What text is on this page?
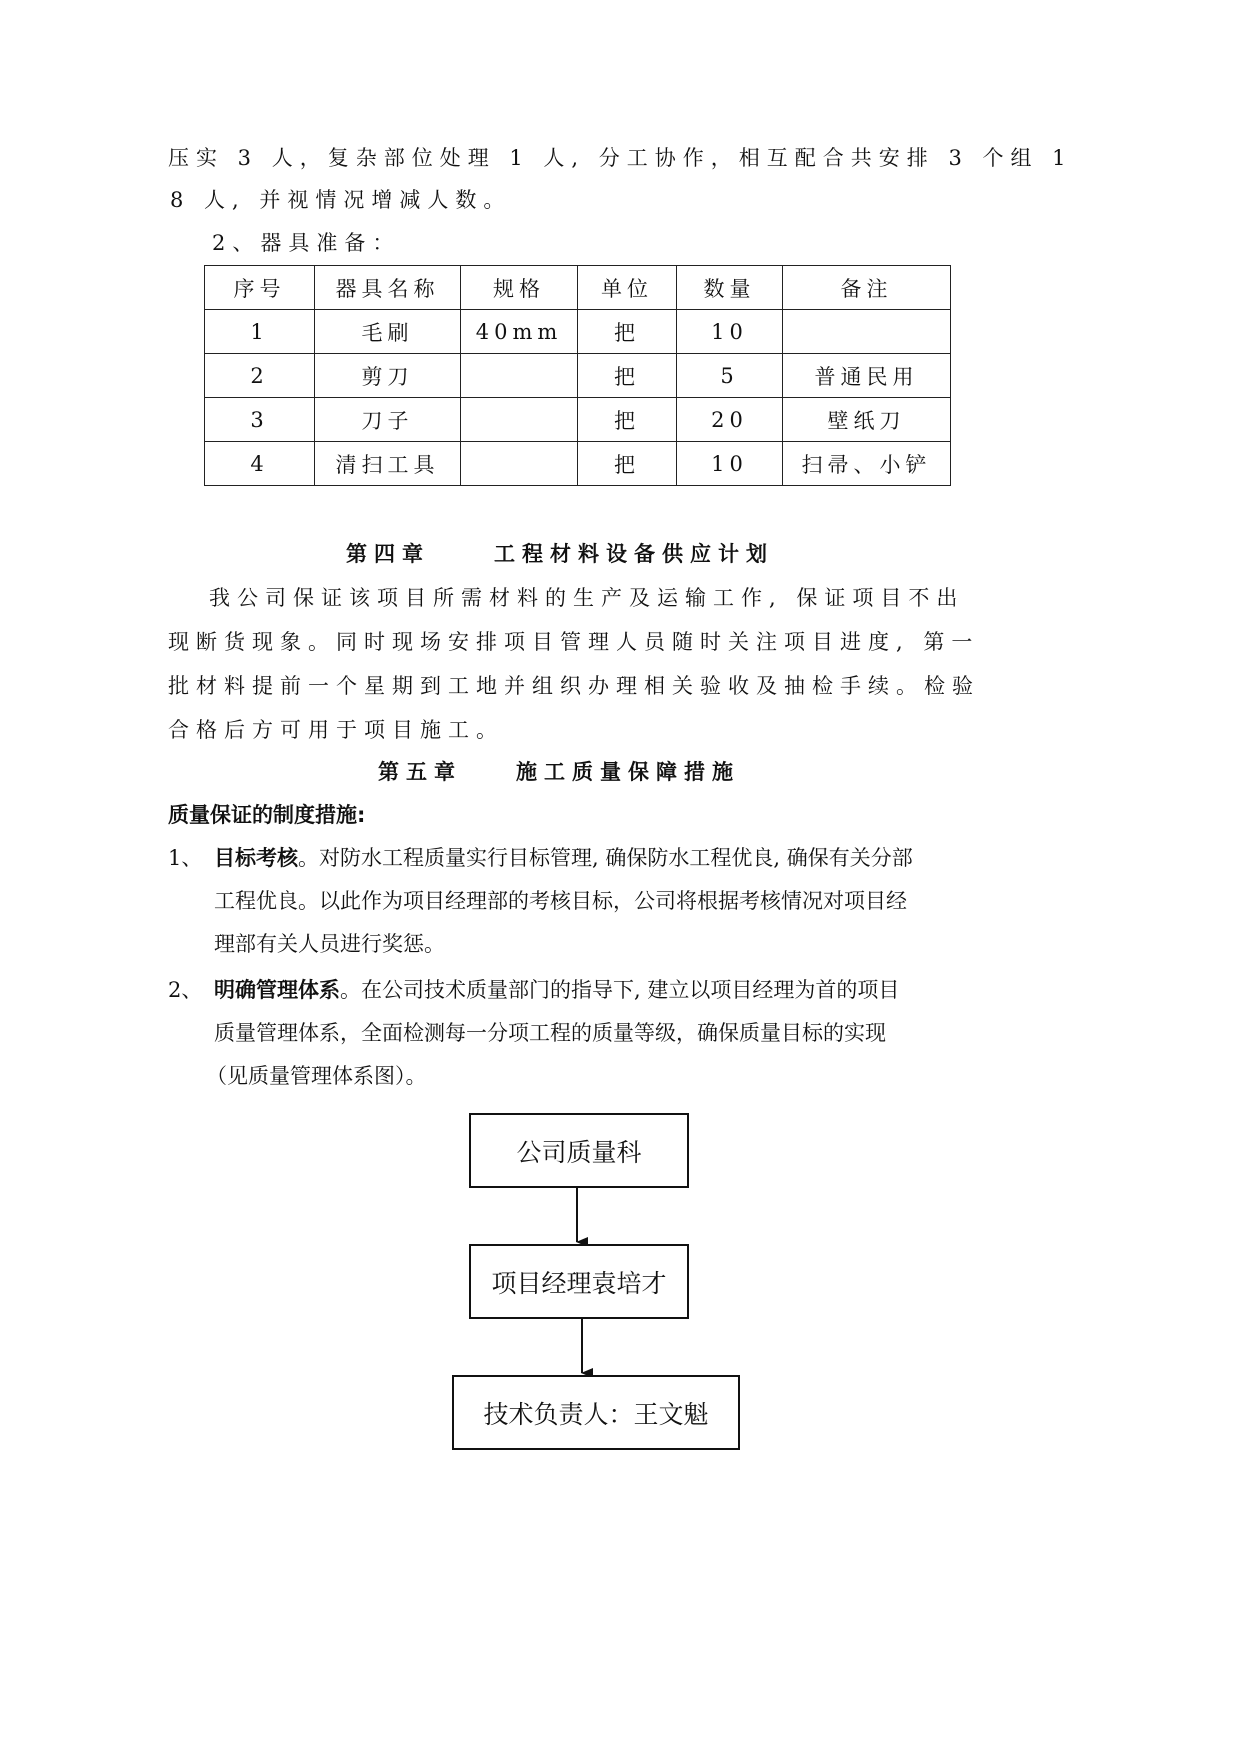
压实 3 人，复杂部位处理 1 人, 分工协作，相互配合共安排 3 个组 1
8 人, 并视情况增减人数。
2、器具准备：
序号	器具名称	规格	单位	数量	备注
1	毛刷	40mm	把	10	
2	剪刀		把	5	普通民用
3	刀子		把	20	壁纸刀
4	清扫工具		把	10	扫帚、小铲
第四章	工程材料设备供应计划
我公司保证该项目所需材料的生产及运输工作, 保证项目不出
现断货现象。同时现场安排项目管理人员随时关注项目进度, 第一
批材料提前一个星期到工地并组织办理相关验收及抽检手续。检验
合格后方可用于项目施工。
第五章	施工质量保障措施
质量保证的制度措施:
1、 目标考核。对防水工程质量实行目标管理, 确保防水工程优良, 确保有关分部
工程优良。以此作为项目经理部的考核目标，公司将根据考核情况对项目经
理部有关人员进行奖惩。
2、 明确管理体系。在公司技术质量部门的指导下, 建立以项目经理为首的项目
质量管理体系，全面检测每一分项工程的质量等级，确保质量目标的实现
（见质量管理体系图）。
公司质量科
项目经理袁培才
技术负责人：王文魁
